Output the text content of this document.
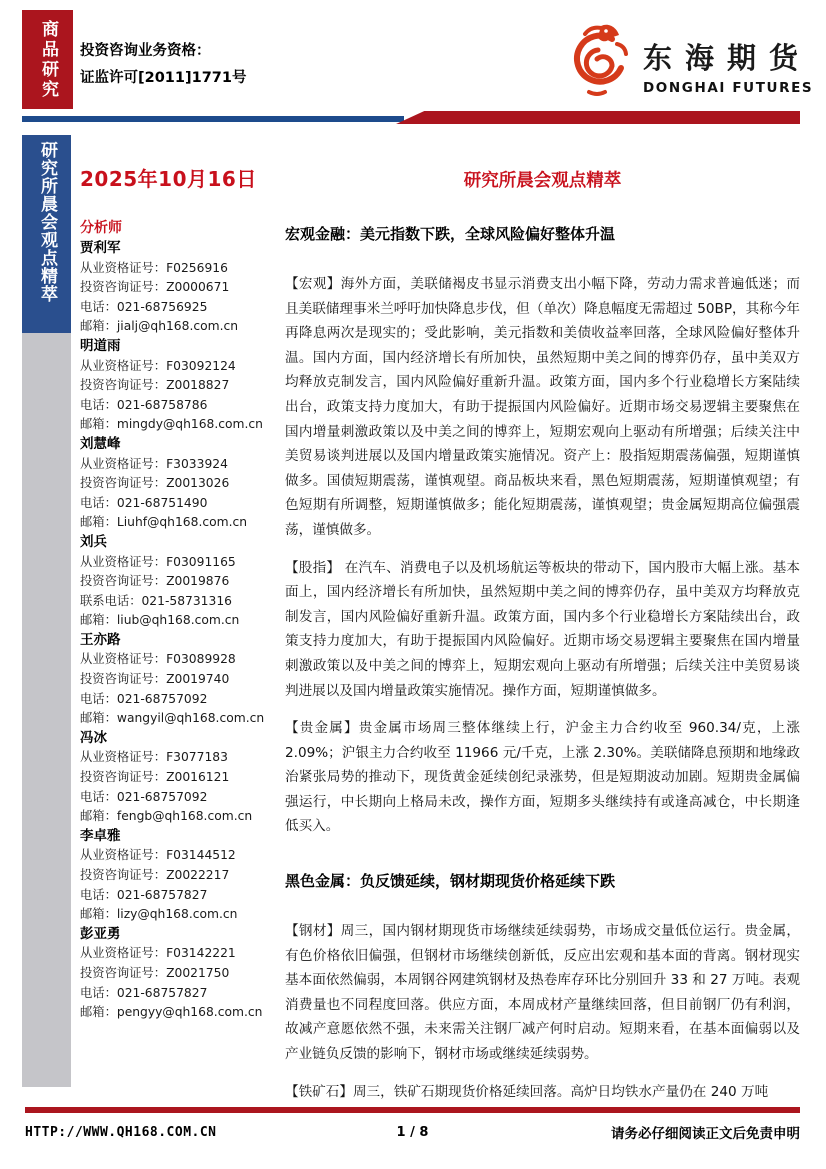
商品研究	投资咨询业务资格：
证监许可[2011]1771号
东海期货
DONGHAI FUTURES
研究所晨会观点精萃	2025年10月16日
分析师
贾利军
从业资格证号：F0256916
投资咨询证号：Z0000671
电话：021-68756925
邮箱：jialj@qh168.com.cn
明道雨
从业资格证号：F03092124
投资咨询证号：Z0018827
电话：021-68758786
邮箱：mingdy@qh168.com.cn
刘慧峰
从业资格证号：F3033924
投资咨询证号：Z0013026
电话：021-68751490
邮箱：Liuhf@qh168.com.cn
刘兵
从业资格证号：F03091165
投资咨询证号：Z0019876
联系电话：021-58731316
邮箱：liub@qh168.com.cn
王亦路
从业资格证号：F03089928
投资咨询证号：Z0019740
电话：021-68757092
邮箱：wangyil@qh168.com.cn
冯冰
从业资格证号：F3077183
投资咨询证号：Z0016121
电话：021-68757092
邮箱：fengb@qh168.com.cn
李卓雅
从业资格证号：F03144512
投资咨询证号：Z0022217
电话：021-68757827
邮箱：lizy@qh168.com.cn
彭亚勇
从业资格证号：F03142221
投资咨询证号：Z0021750
电话：021-68757827
邮箱：pengyy@qh168.com.cn
研究所晨会观点精萃
宏观金融：美元指数下跌，全球风险偏好整体升温

【宏观】海外方面，美联储褐皮书显示消费支出小幅下降，劳动力需求普遍低迷；而且美联储理事米兰呼吁加快降息步伐，但（单次）降息幅度无需超过 50BP，其称今年再降息两次是现实的；受此影响，美元指数和美债收益率回落，全球风险偏好整体升温。国内方面，国内经济增长有所加快，虽然短期中美之间的博弈仍存，虽中美双方均释放克制发言，国内风险偏好重新升温。政策方面，国内多个行业稳增长方案陆续出台，政策支持力度加大，有助于提振国内风险偏好。近期市场交易逻辑主要聚焦在国内增量刺激政策以及中美之间的博弈上，短期宏观向上驱动有所增强；后续关注中美贸易谈判进展以及国内增量政策实施情况。资产上：股指短期震荡偏强，短期谨慎做多。国债短期震荡，谨慎观望。商品板块来看，黑色短期震荡，短期谨慎观望；有色短期有所调整，短期谨慎做多；能化短期震荡，谨慎观望；贵金属短期高位偏强震荡，谨慎做多。

【股指】 在汽车、消费电子以及机场航运等板块的带动下，国内股市大幅上涨。基本面上，国内经济增长有所加快，虽然短期中美之间的博弈仍存，虽中美双方均释放克制发言，国内风险偏好重新升温。政策方面，国内多个行业稳增长方案陆续出台，政策支持力度加大，有助于提振国内风险偏好。近期市场交易逻辑主要聚焦在国内增量刺激政策以及中美之间的博弈上，短期宏观向上驱动有所增强；后续关注中美贸易谈判进展以及国内增量政策实施情况。操作方面，短期谨慎做多。

【贵金属】贵金属市场周三整体继续上行，沪金主力合约收至 960.34/克，上涨 2.09%；沪银主力合约收至 11966 元/千克，上涨 2.30%。美联储降息预期和地缘政治紧张局势的推动下，现货黄金延续创纪录涨势，但是短期波动加剧。短期贵金属偏强运行，中长期向上格局未改，操作方面，短期多头继续持有或逢高减仓，中长期逢低买入。

黑色金属：负反馈延续，钢材期现货价格延续下跌

【钢材】周三，国内钢材期现货市场继续延续弱势，市场成交量低位运行。贵金属，有色价格依旧偏强，但钢材市场继续创新低，反应出宏观和基本面的背离。钢材现实基本面依然偏弱，本周钢谷网建筑钢材及热卷库存环比分别回升 33 和 27 万吨。表观消费量也不同程度回落。供应方面，本周成材产量继续回落，但目前钢厂仍有利润，故减产意愿依然不强，未来需关注钢厂减产何时启动。短期来看，在基本面偏弱以及产业链负反馈的影响下，钢材市场或继续延续弱势。

【铁矿石】周三，铁矿石期现货价格延续回落。高炉日均铁水产量仍在 240 万吨

HTTP://WWW.QH168.COM.CN	1 / 8	请务必仔细阅读正文后免责申明
